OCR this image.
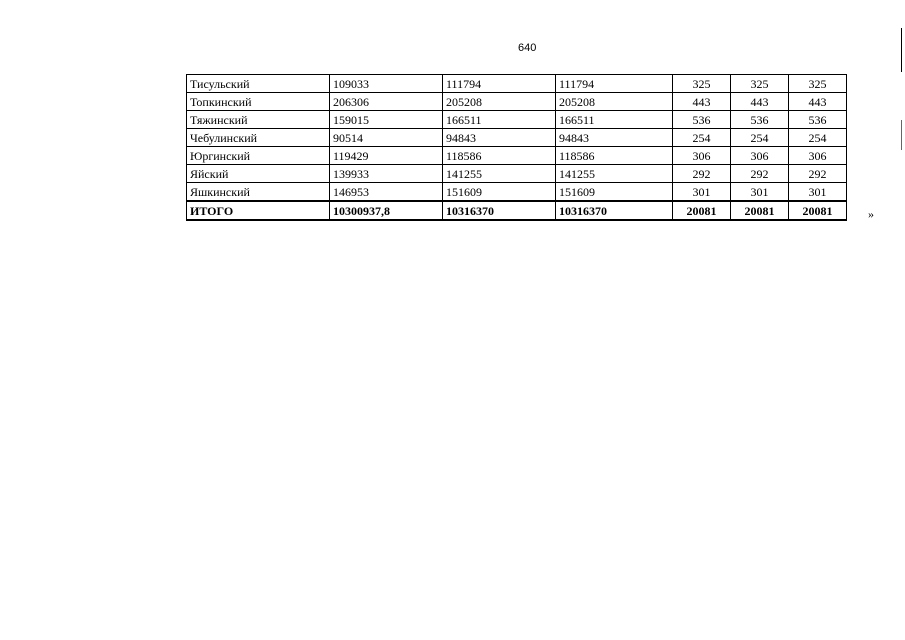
640
Тисульский	109033	111794	111794	325	325	325
Топкинский	206306	205208	205208	443	443	443
Тяжинский	159015	166511	166511	536	536	536
Чебулинский	90514	94843	94843	254	254	254
Юргинский	119429	118586	118586	306	306	306
Яйский	139933	141255	141255	292	292	292
Яшкинский	146953	151609	151609	301	301	301
ИТОГО	10300937,8	10316370	10316370	20081	20081	20081	»
